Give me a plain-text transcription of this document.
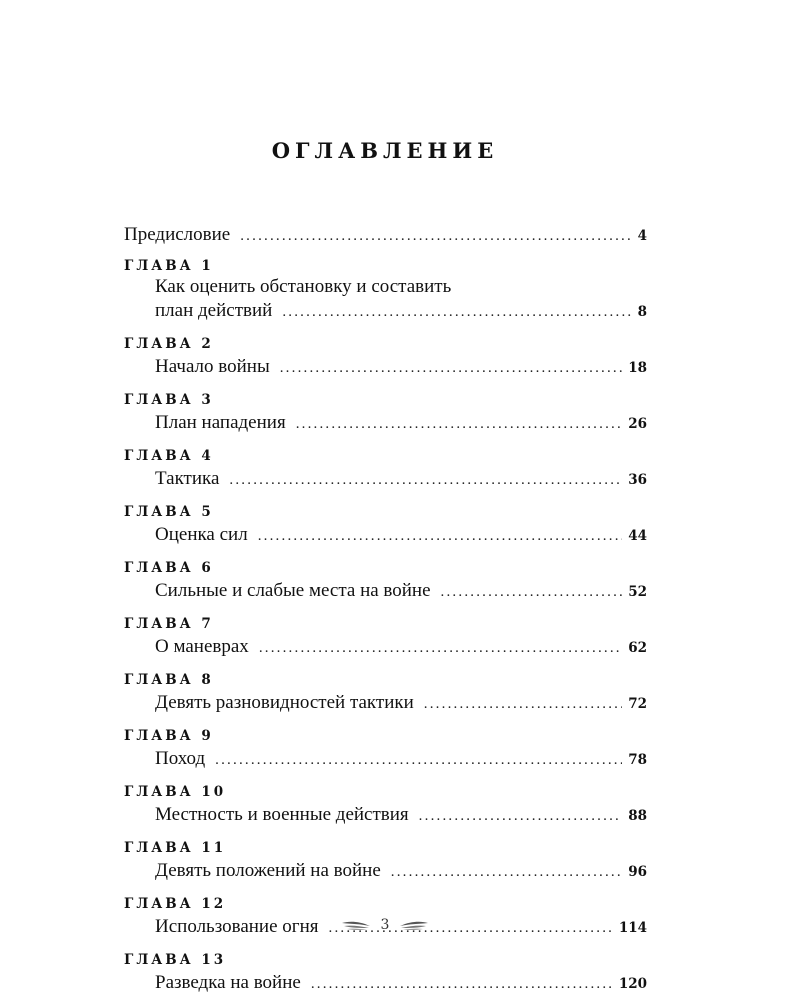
ОГЛАВЛЕНИЕ
Предисловие .....	4
ГЛАВА 1
Как оценить обстановку и составить
план действий .....	8
ГЛАВА 2
Начало войны .....	18
ГЛАВА 3
План нападения .....	26
ГЛАВА 4
Тактика .....	36
ГЛАВА 5
Оценка сил .....	44
ГЛАВА 6
Сильные и слабые места на войне .....	52
ГЛАВА 7
О маневрах .....	62
ГЛАВА 8
Девять разновидностей тактики .....	72
ГЛАВА 9
Поход .....	78
ГЛАВА 10
Местность и военные действия .....	88
ГЛАВА 11
Девять положений на войне .....	96
ГЛАВА 12
Использование огня .....	114
ГЛАВА 13
Разведка на войне .....	120
3
